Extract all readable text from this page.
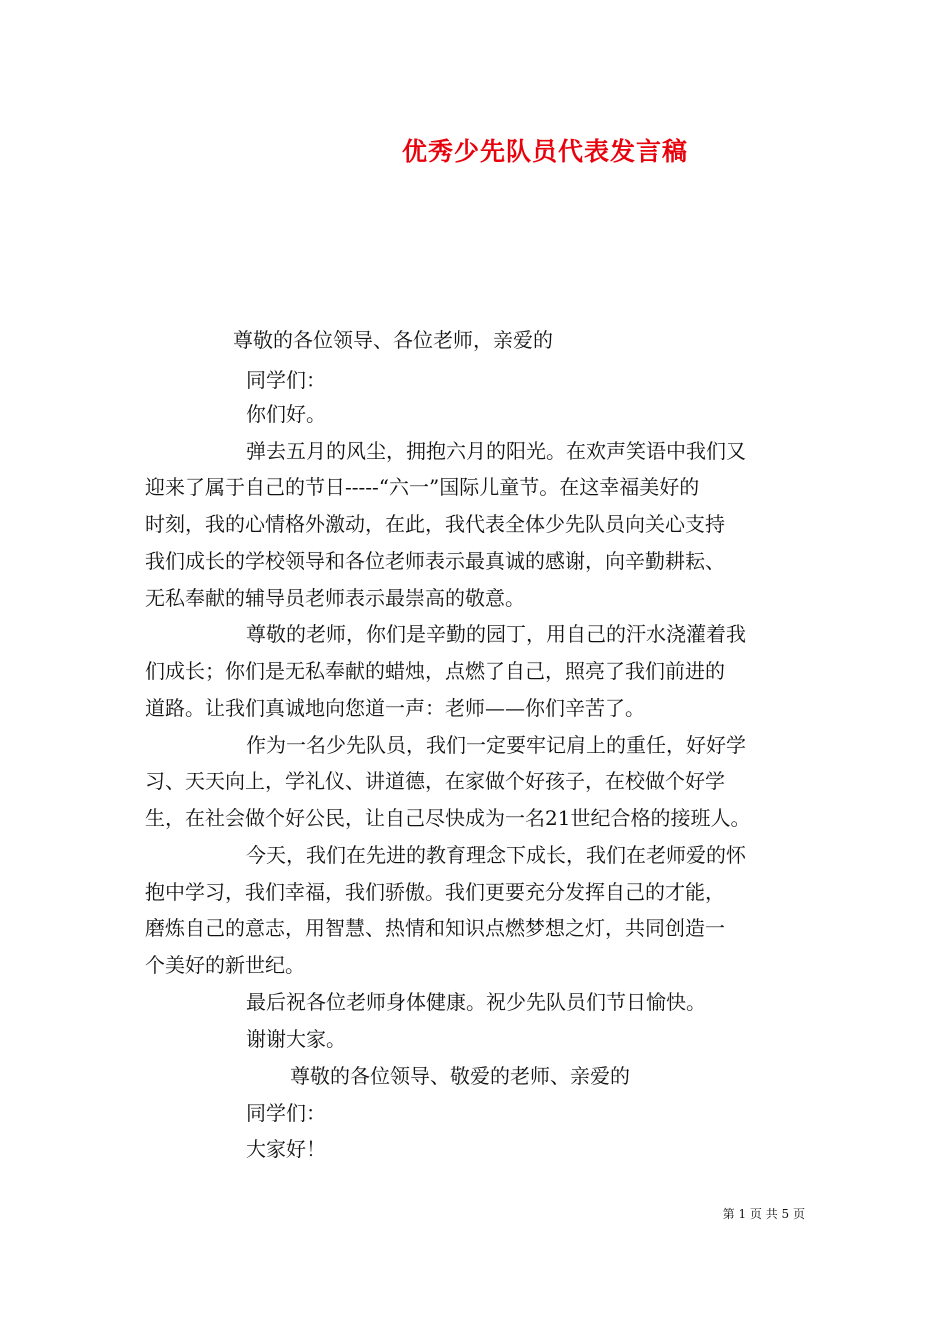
优秀少先队员代表发言稿

尊敬的各位领导、各位老师，亲爱的

同学们：

你们好。

弹去五月的风尘，拥抱六月的阳光。在欢声笑语中我们又

迎来了属于自己的节日-----“六一”国际儿童节。在这幸福美好的

时刻，我的心情格外激动，在此，我代表全体少先队员向关心支持

我们成长的学校领导和各位老师表示最真诚的感谢，向辛勤耕耘、

无私奉献的辅导员老师表示最崇高的敬意。

尊敬的老师，你们是辛勤的园丁，用自己的汗水浇灌着我

们成长；你们是无私奉献的蜡烛，点燃了自己，照亮了我们前进的

道路。让我们真诚地向您道一声：老师——你们辛苦了。

作为一名少先队员，我们一定要牢记肩上的重任，好好学

习、天天向上，学礼仪、讲道德，在家做个好孩子，在校做个好学

生，在社会做个好公民，让自己尽快成为一名21世纪合格的接班人。

今天，我们在先进的教育理念下成长，我们在老师爱的怀

抱中学习，我们幸福，我们骄傲。我们更要充分发挥自己的才能，

磨炼自己的意志，用智慧、热情和知识点燃梦想之灯，共同创造一

个美好的新世纪。

最后祝各位老师身体健康。祝少先队员们节日愉快。

谢谢大家。

尊敬的各位领导、敬爱的老师、亲爱的

同学们：

大家好！

第 1 页 共 5 页
